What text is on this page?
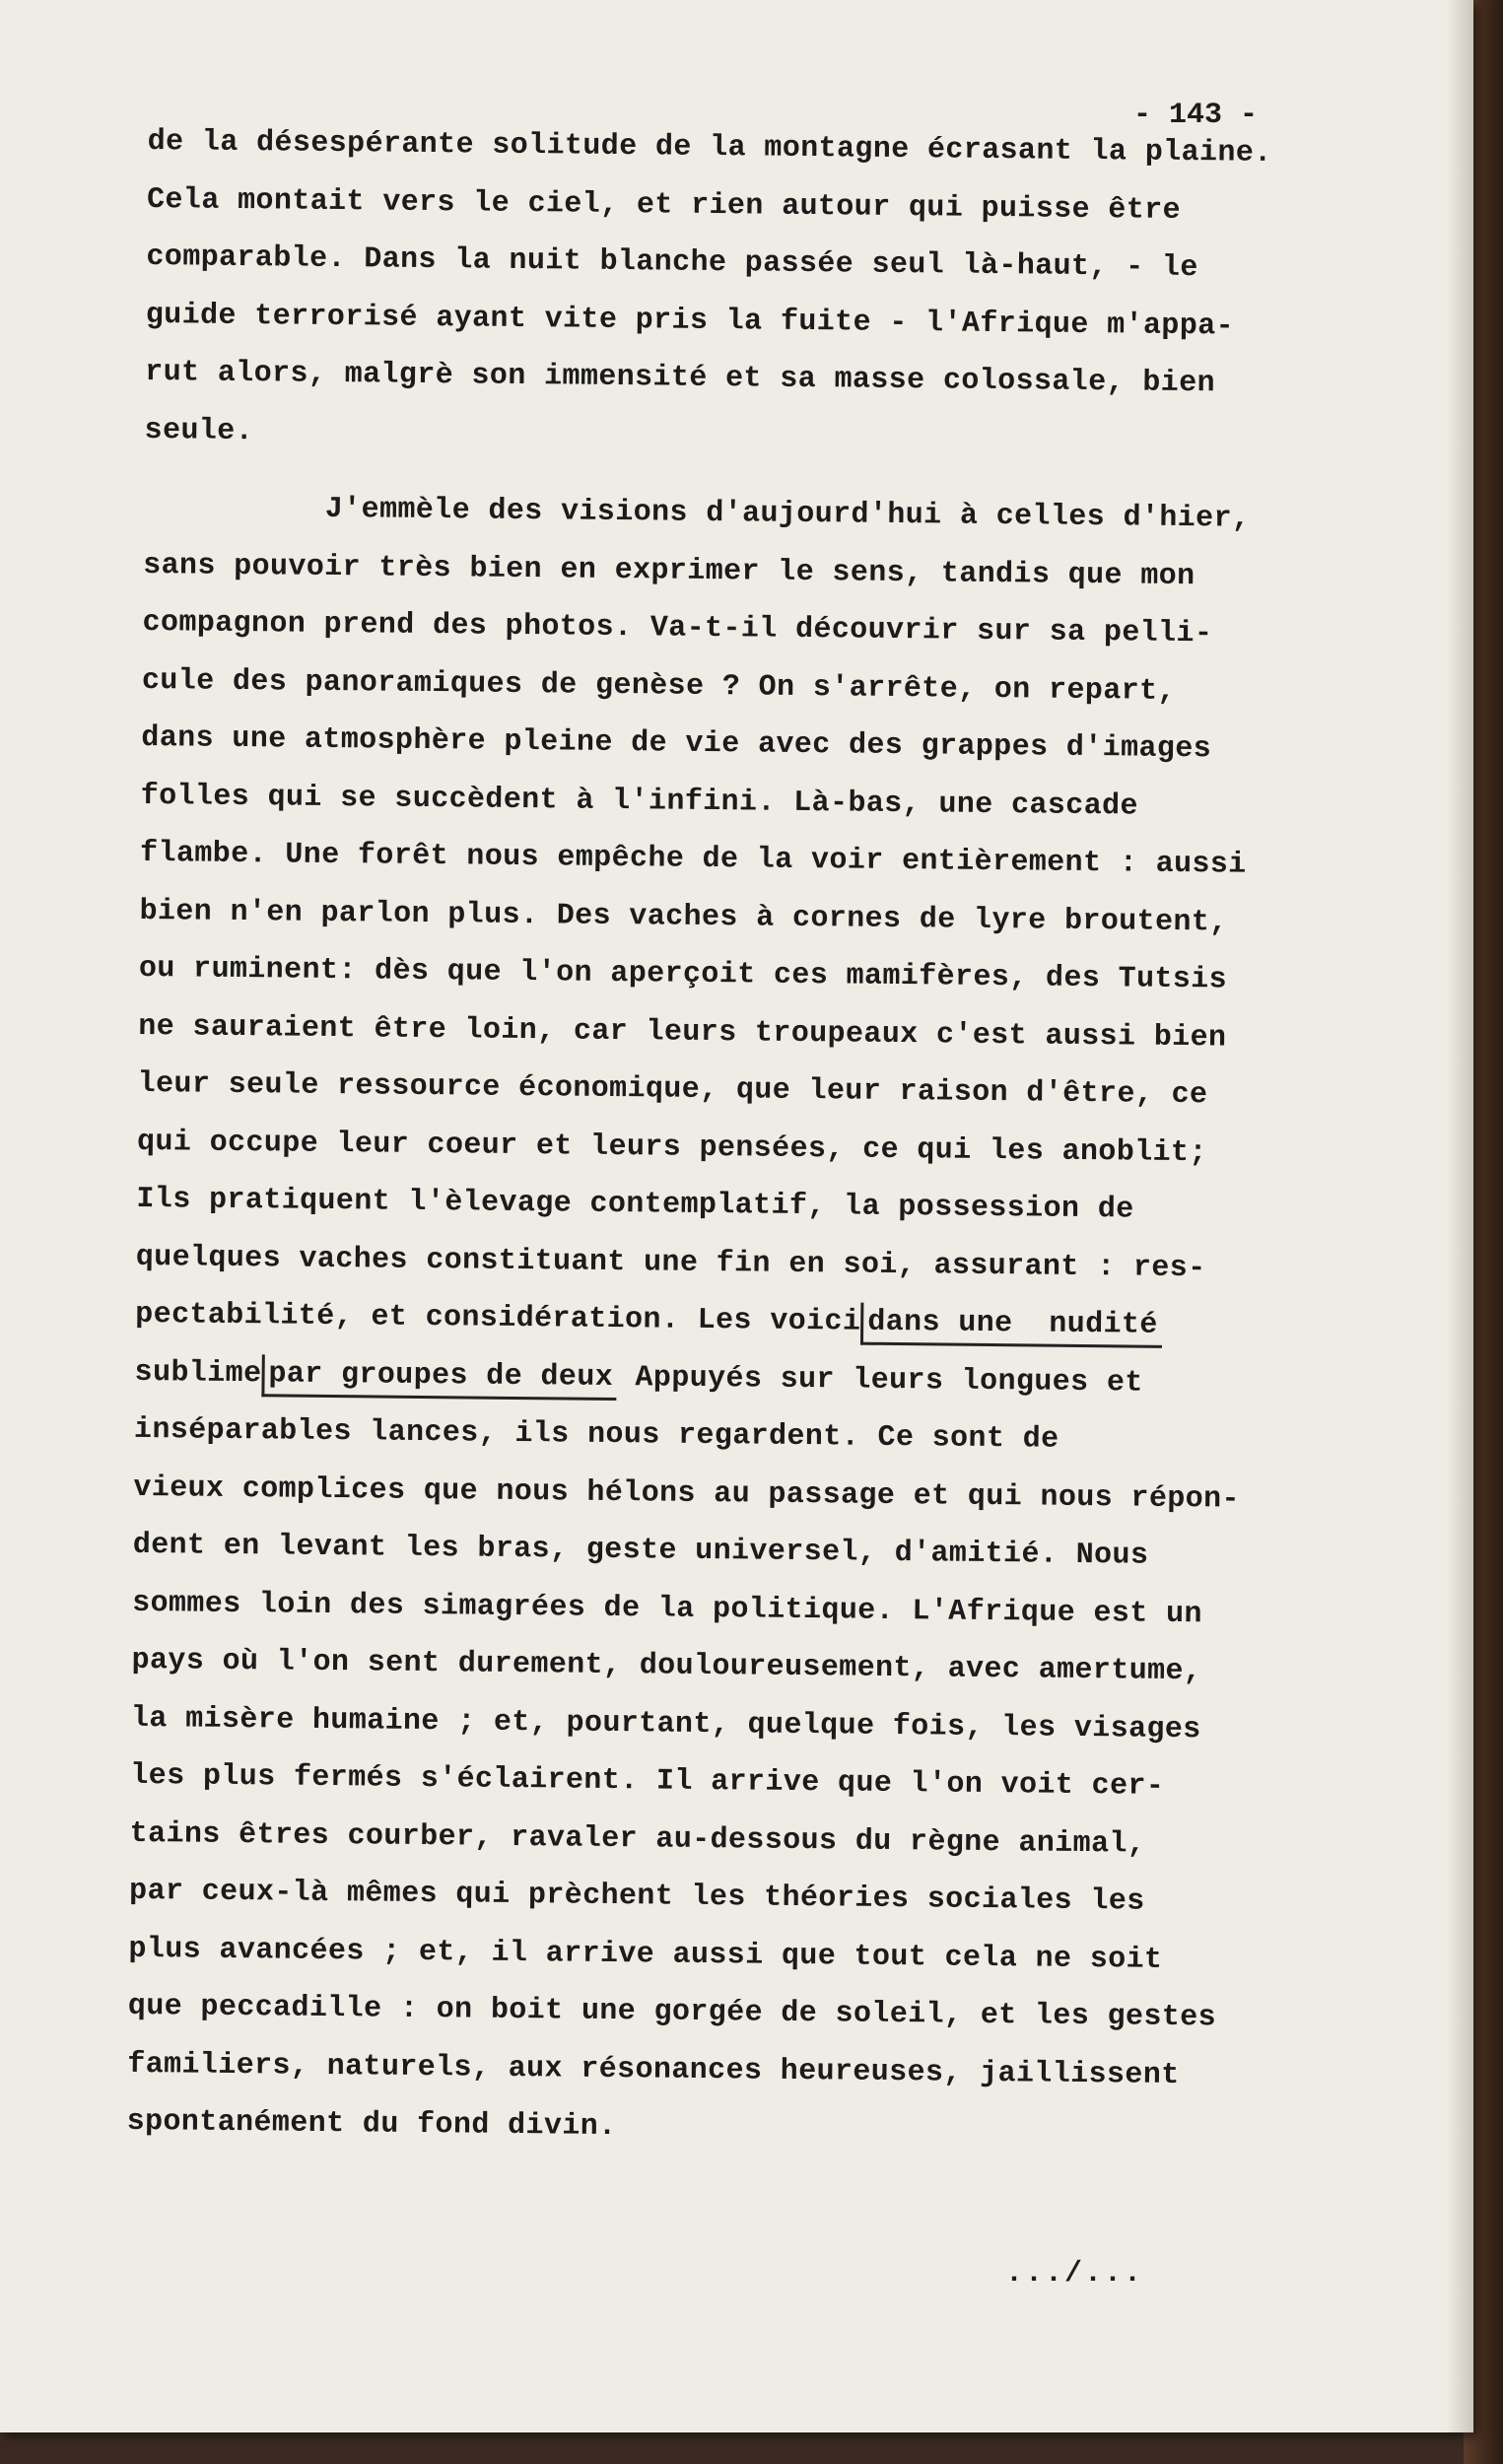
- 143 -
de la désespérante solitude de la montagne écrasant la plaine.
Cela montait vers le ciel, et rien autour qui puisse être
comparable. Dans la nuit blanche passée seul là-haut, - le
guide terrorisé ayant vite pris la fuite - l'Afrique m'appa-
rut alors, malgrè son immensité et sa masse colossale, bien
seule.
J'emmèle des visions d'aujourd'hui à celles d'hier,
sans pouvoir très bien en exprimer le sens, tandis que mon
compagnon prend des photos. Va-t-il découvrir sur sa pelli-
cule des panoramiques de genèse ? On s'arrête, on repart,
dans une atmosphère pleine de vie avec des grappes d'images
folles qui se succèdent à l'infini. Là-bas, une cascade
flambe. Une forêt nous empêche de la voir entièrement : aussi
bien n'en parlon plus. Des vaches à cornes de lyre broutent,
ou ruminent: dès que l'on aperçoit ces mamifères, des Tutsis
ne sauraient être loin, car leurs troupeaux c'est aussi bien
leur seule ressource économique, que leur raison d'être, ce
qui occupe leur coeur et leurs pensées, ce qui les anoblit;
Ils pratiquent l'èlevage contemplatif, la possession de
quelques vaches constituant une fin en soi, assurant : res-
pectabilité, et considération. Les voici dans une  nudité
sublime par groupes de deux Appuyés sur leurs longues et
inséparables lances, ils nous regardent. Ce sont de
vieux complices que nous hélons au passage et qui nous répon-
dent en levant les bras, geste universel, d'amitié. Nous
sommes loin des simagrées de la politique. L'Afrique est un
pays où l'on sent durement, douloureusement, avec amertume,
la misère humaine ; et, pourtant, quelque fois, les visages
les plus fermés s'éclairent. Il arrive que l'on voit cer-
tains êtres courber, ravaler au-dessous du règne animal,
par ceux-là mêmes qui prèchent les théories sociales les
plus avancées ; et, il arrive aussi que tout cela ne soit
que peccadille : on boit une gorgée de soleil, et les gestes
familiers, naturels, aux résonances heureuses, jaillissent
spontanément du fond divin.
.../...
